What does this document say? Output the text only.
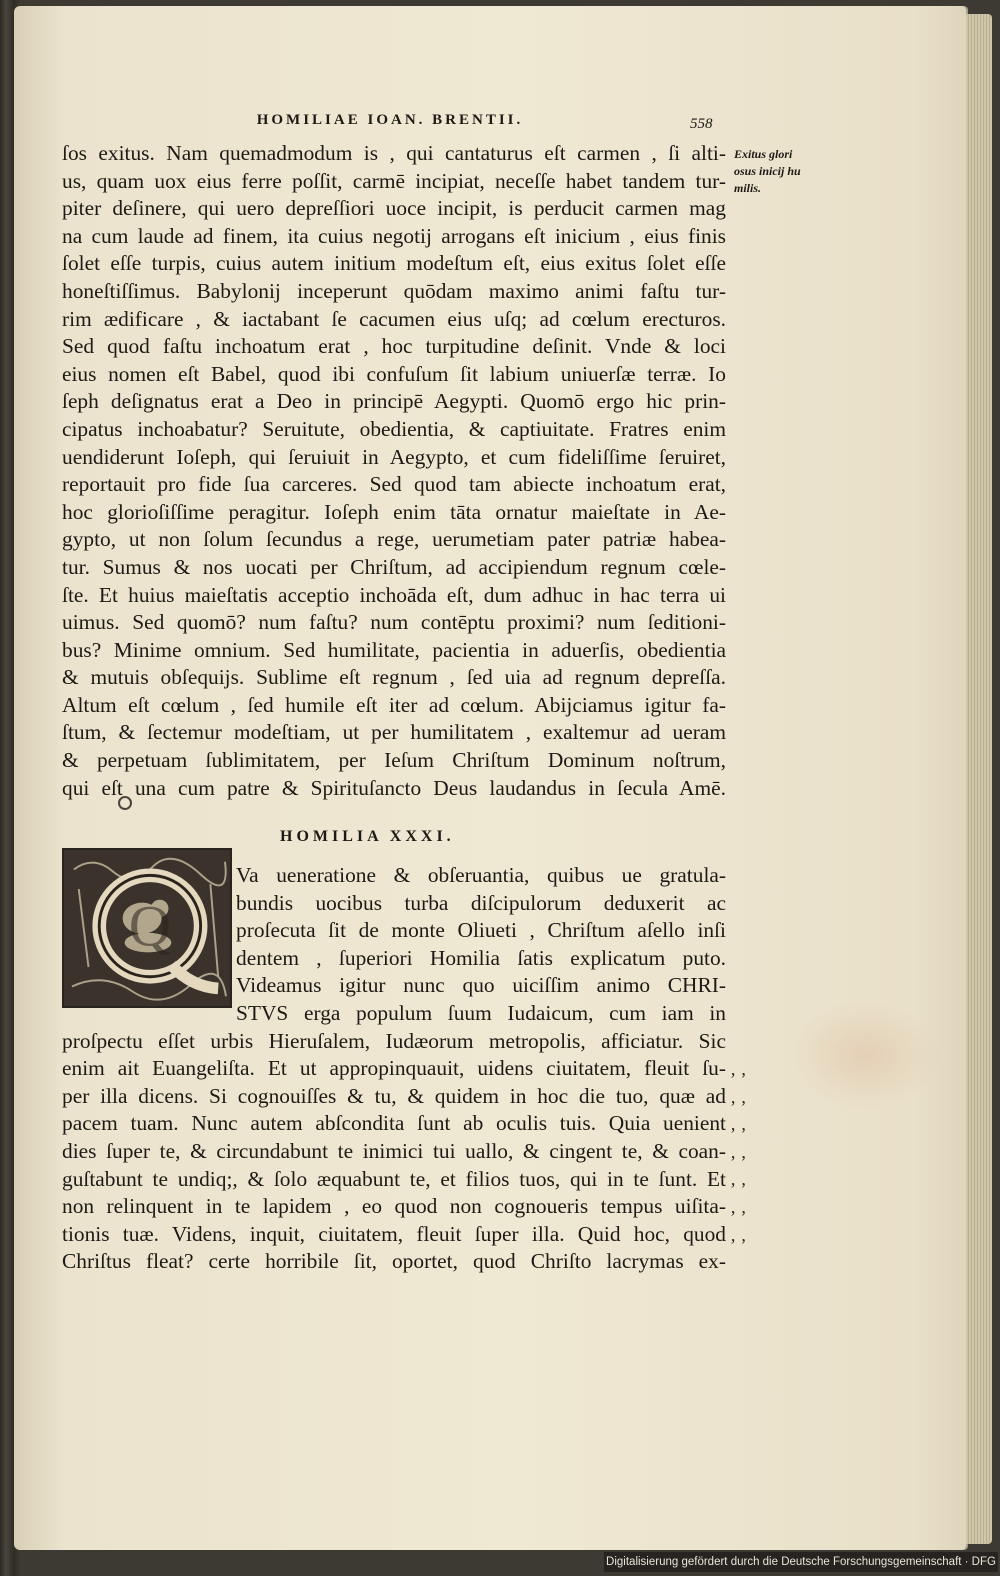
HOMILIAE IOAN. BRENTII.	558
ſos exitus. Nam quemadmodum is , qui cantaturus eſt carmen , ſi alti-
us, quam uox eius ferre poſſit, carmē incipiat, neceſſe habet tandem tur-
piter deſinere, qui uero depreſſiori uoce incipit, is perducit carmen mag
na cum laude ad finem, ita cuius negotij arrogans eſt inicium , eius finis
ſolet eſſe turpis, cuius autem initium modeſtum eſt, eius exitus ſolet eſſe
honeſtiſſimus. Babylonij inceperunt quōdam maximo animi faſtu tur-
rim ædificare , & iactabant ſe cacumen eius uſq; ad cœlum erecturos.
Sed quod faſtu inchoatum erat , hoc turpitudine deſinit. Vnde & loci
eius nomen eſt Babel, quod ibi confuſum ſit labium uniuerſæ terræ. Io
ſeph deſignatus erat a Deo in principē Aegypti. Quomō ergo hic prin-
cipatus inchoabatur? Seruitute, obedientia, & captiuitate. Fratres enim
uendiderunt Ioſeph, qui ſeruiuit in Aegypto, et cum fideliſſime ſeruiret,
reportauit pro fide ſua carceres. Sed quod tam abiecte inchoatum erat,
hoc glorioſiſſime peragitur. Ioſeph enim tāta ornatur maieſtate in Ae-
gypto, ut non ſolum ſecundus a rege, uerumetiam pater patriæ habea-
tur. Sumus & nos uocati per Chriſtum, ad accipiendum regnum cœle-
ſte. Et huius maieſtatis acceptio inchoāda eſt, dum adhuc in hac terra ui
uimus. Sed quomō? num faſtu? num contēptu proximi? num ſeditioni-
bus? Minime omnium. Sed humilitate, pacientia in aduerſis, obedientia
& mutuis obſequijs. Sublime eſt regnum , ſed uia ad regnum depreſſa.
Altum eſt cœlum , ſed humile eſt iter ad cœlum. Abijciamus igitur fa-
ſtum, & ſectemur modeſtiam, ut per humilitatem , exaltemur ad ueram
& perpetuam ſublimitatem, per Ieſum Chriſtum Dominum noſtrum,
qui eſt una cum patre & Spirituſancto Deus laudandus in ſecula Amē.
Exitus glori
osus inicij hu
milis.
HOMILIA XXXI.
Q
Va ueneratione & obſeruantia, quibus ue gratula-
bundis uocibus turba diſcipulorum deduxerit ac
proſecuta ſit de monte Oliueti , Chriſtum aſello inſi
dentem , ſuperiori Homilia ſatis explicatum puto.
Videamus igitur nunc quo uiciſſim animo CHRI-
STVS erga populum ſuum Iudaicum, cum iam in
proſpectu eſſet urbis Hieruſalem, Iudæorum metropolis, afficiatur. Sic
enim ait Euangeliſta. Et ut appropinquauit, uidens ciuitatem, fleuit ſu-
per illa dicens. Si cognouiſſes & tu, & quidem in hoc die tuo, quæ ad
pacem tuam. Nunc autem abſcondita ſunt ab oculis tuis. Quia uenient
dies ſuper te, & circundabunt te inimici tui uallo, & cingent te, & coan-
guſtabunt te undiq;, & ſolo æquabunt te, et filios tuos, qui in te ſunt. Et
non relinquent in te lapidem , eo quod non cognoueris tempus uiſita-
tionis tuæ. Videns, inquit, ciuitatem, fleuit ſuper illa. Quid hoc, quod
Chriſtus fleat? certe horribile ſit, oportet, quod Chriſto lacrymas ex-
‚ ‚
‚ ‚
‚ ‚
‚ ‚
‚ ‚
‚ ‚
‚ ‚
Digitalisierung gefördert durch die Deutsche Forschungsgemeinschaft · DFG
